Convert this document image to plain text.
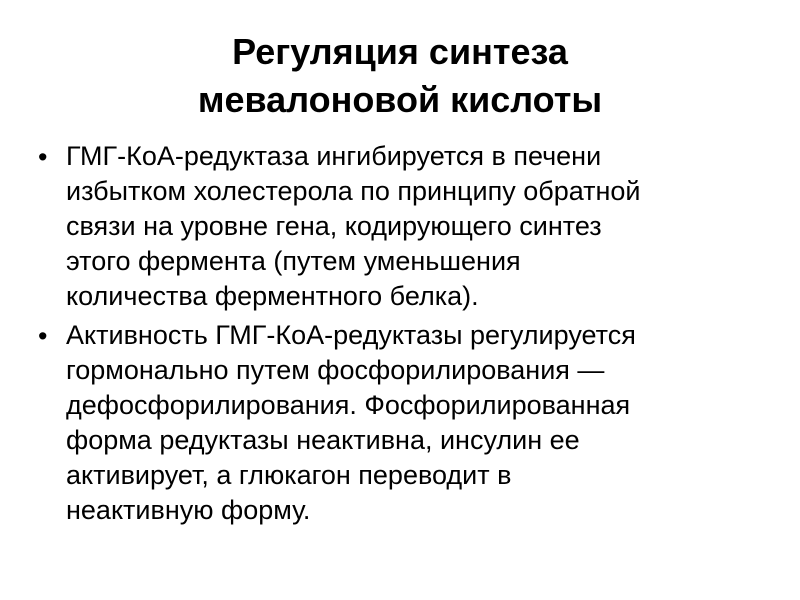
Регуляция синтеза
мевалоновой кислоты
• ГМГ-КоА-редуктаза ингибируется в печени
избытком холестерола по принципу обратной
связи на уровне гена, кодирующего синтез
этого фермента (путем уменьшения
количества ферментного белка).
• Активность ГМГ-КоА-редуктазы регулируется
гормонально путем фосфорилирования —
дефосфорилирования. Фосфорилированная
форма редуктазы неактивна, инсулин ее
активирует, а глюкагон переводит в
неактивную форму.
